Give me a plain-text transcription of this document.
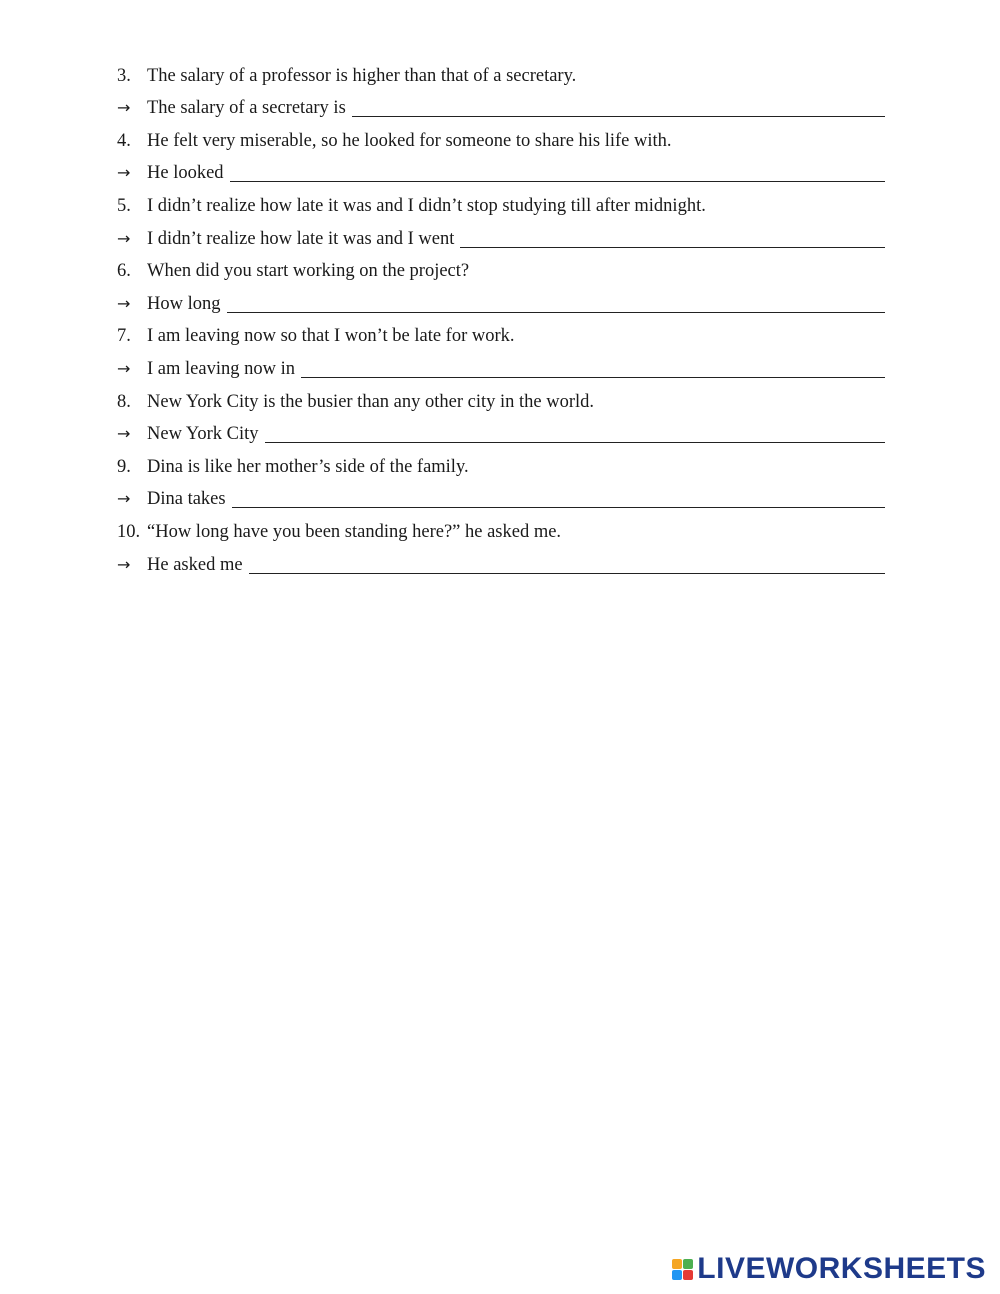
3. The salary of a professor is higher than that of a secretary.
→ The salary of a secretary is
4. He felt very miserable, so he looked for someone to share his life with.
→ He looked
5. I didn’t realize how late it was and I didn’t stop studying till after midnight.
→ I didn’t realize how late it was and I went
6. When did you start working on the project?
→ How long
7. I am leaving now so that I won’t be late for work.
→ I am leaving now in
8. New York City is the busier than any other city in the world.
→ New York City
9. Dina is like her mother’s side of the family.
→ Dina takes
10. “How long have you been standing here?” he asked me.
→ He asked me
LIVEWORKSHEETS
